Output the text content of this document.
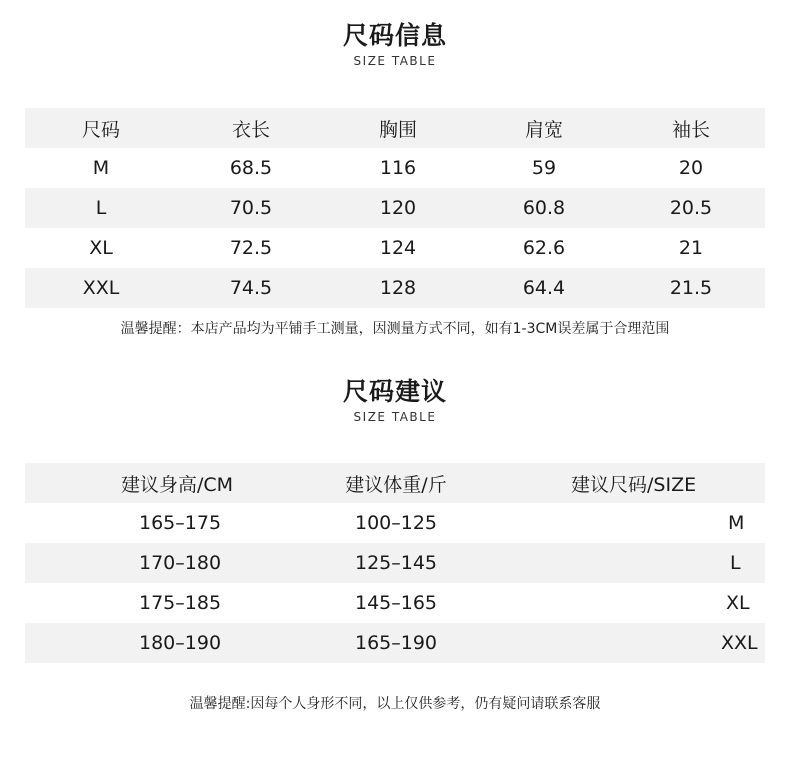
尺码信息
SIZE TABLE
尺码	衣长	胸围	肩宽	袖长
M	68.5	116	59	20
L	70.5	120	60.8	20.5
XL	72.5	124	62.6	21
XXL	74.5	128	64.4	21.5
温馨提醒：本店产品均为平铺手工测量，因测量方式不同，如有1-3CM误差属于合理范围
尺码建议
SIZE TABLE
建议身高/CM	建议体重/斤	建议尺码/SIZE
165–175	100–125	M
170–180	125–145	L
175–185	145–165	XL
180–190	165–190	XXL
温馨提醒:因每个人身形不同，以上仅供参考，仍有疑问请联系客服
